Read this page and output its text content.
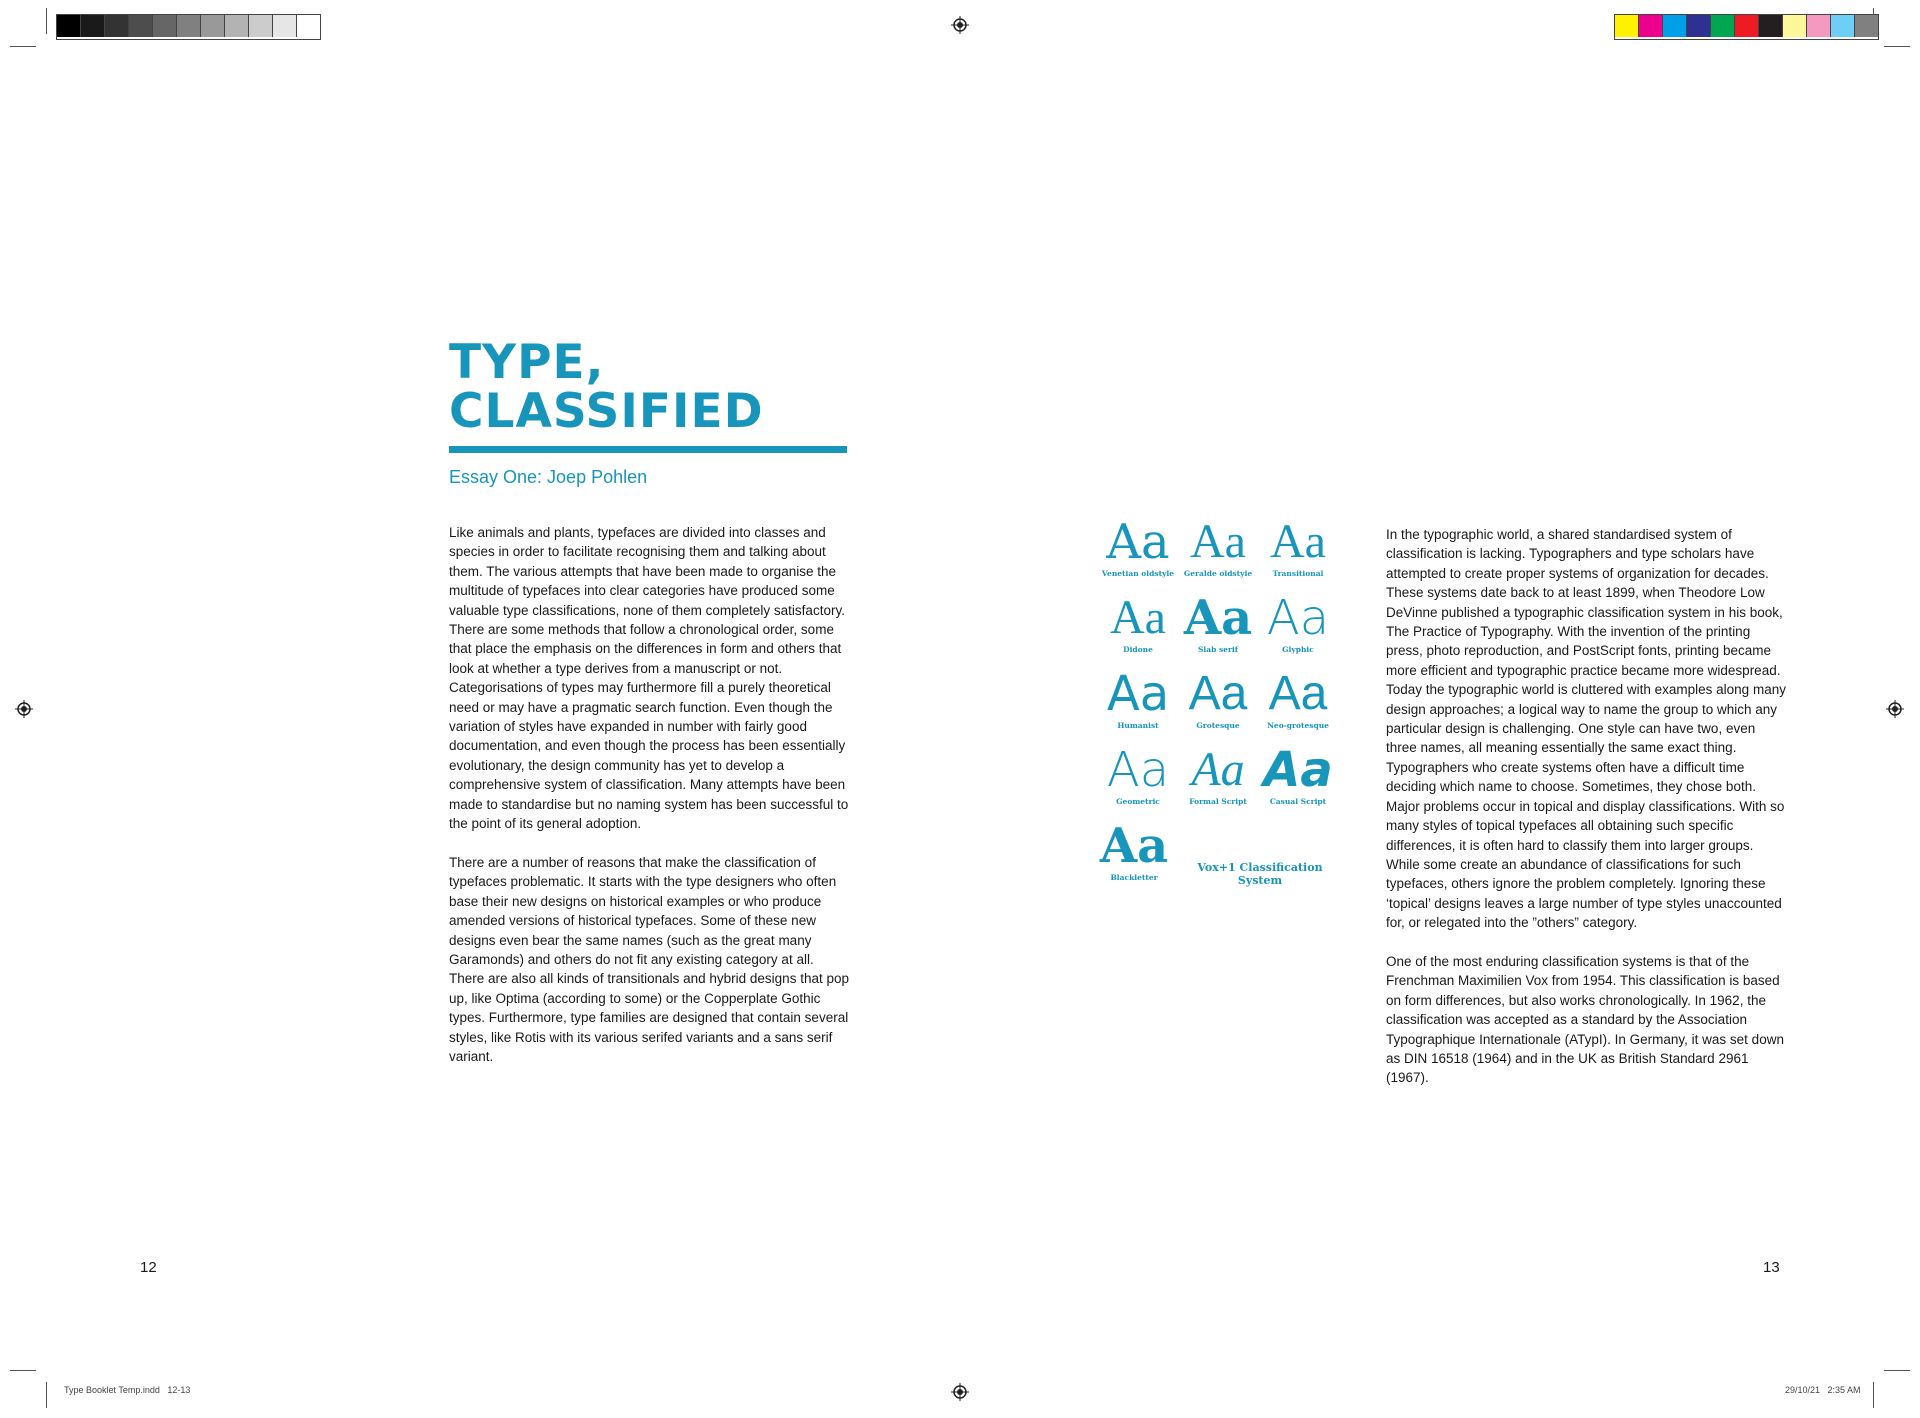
TYPE,
CLASSIFIED

Essay One: Joep Pohlen

Like animals and plants, typefaces are divided into classes and species in order to facilitate recognising them and talking about them. The various attempts that have been made to organise the multitude of typefaces into clear categories have produced some valuable type classifications, none of them completely satisfactory. There are some methods that follow a chronological order, some that place the emphasis on the differences in form and others that look at whether a type derives from a manuscript or not. Categorisations of types may furthermore fill a purely theoretical need or may have a pragmatic search function. Even though the variation of styles have expanded in number with fairly good documentation, and even though the process has been essentially evolutionary, the design community has yet to develop a comprehensive system of classification. Many attempts have been made to standardise but no naming system has been successful to the point of its general adoption.

There are a number of reasons that make the classification of typefaces problematic. It starts with the type designers who often base their new designs on historical examples or who produce amended versions of historical typefaces. Some of these new designs even bear the same names (such as the great many Garamonds) and others do not fit any existing category at all. There are also all kinds of transitionals and hybrid designs that pop up, like Optima (according to some) or the Copperplate Gothic types. Furthermore, type families are designed that contain several styles, like Rotis with its various serifed variants and a sans serif variant.

12
Aa
Venetian oldstyle
Aa
Geralde oldstyle
Aa
Transitional
Aa
Didone
Aa
Slab serif
Aa
Glyphic
Aa
Humanist
Aa
Grotesque
Aa
Neo-grotesque
Aa
Geometric
Aa
Formal Script
Aa
Casual Script
Aa
Blackletter
Vox+1 Classification System

In the typographic world, a shared standardised system of classification is lacking. Typographers and type scholars have attempted to create proper systems of organization for decades. These systems date back to at least 1899, when Theodore Low DeVinne published a typographic classification system in his book, The Practice of Typography. With the invention of the printing press, photo reproduction, and PostScript fonts, printing became more efficient and typographic practice became more widespread. Today the typographic world is cluttered with examples along many design approaches; a logical way to name the group to which any particular design is challenging. One style can have two, even three names, all meaning essentially the same exact thing. Typographers who create systems often have a difficult time deciding which name to choose. Sometimes, they chose both. Major problems occur in topical and display classifications. With so many styles of topical typefaces all obtaining such specific differences, it is often hard to classify them into larger groups. While some create an abundance of classifications for such typefaces, others ignore the problem completely. Ignoring these ‘topical’ designs leaves a large number of type styles unaccounted for, or relegated into the ”others” category.

One of the most enduring classification systems is that of the Frenchman Maximilien Vox from 1954. This classification is based on form differences, but also works chronologically. In 1962, the classification was accepted as a standard by the Association Typographique Internationale (ATypI). In Germany, it was set down as DIN 16518 (1964) and in the UK as British Standard 2961 (1967).

13
Type Booklet Temp.indd   12-13	29/10/21   2:35 AM
